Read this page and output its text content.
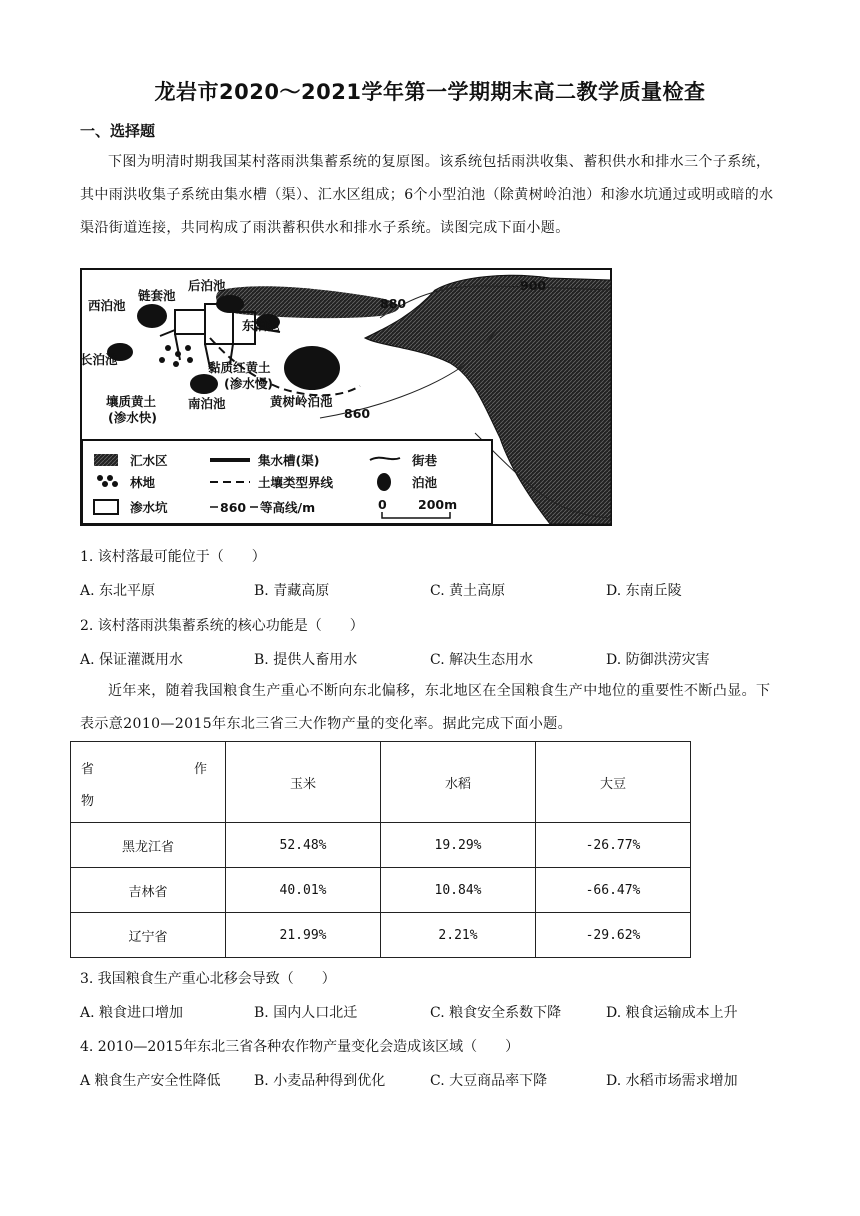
龙岩市2020～2021学年第一学期期末高二教学质量检查
一、选择题

下图为明清时期我国某村落雨洪集蓄系统的复原图。该系统包括雨洪收集、蓄积供水和排水三个子系统，其中雨洪收集子系统由集水槽（渠）、汇水区组成；6个小型泊池（除黄树岭泊池）和渗水坑通过或明或暗的水渠沿街道连接，共同构成了雨洪蓄积供水和排水子系统。读图完成下面小题。

西泊池
链套池
后泊池
东泊池
长泊池
黏质红黄土
(渗水慢)
壤质黄土
(渗水快)
南泊池	黄树岭泊池
880
900
860
汇水区
林地
渗水坑
集水槽(渠)
土壤类型界线
860 等高线/m
街巷
泊池
0	200m
1. 该村落最可能位于（　　）
A. 东北平原	B. 青藏高原	C. 黄土高原	D. 东南丘陵
2. 该村落雨洪集蓄系统的核心功能是（　　）
A. 保证灌溉用水	B. 提供人畜用水	C. 解决生态用水	D. 防御洪涝灾害

近年来，随着我国粮食生产重心不断向东北偏移，东北地区在全国粮食生产中地位的重要性不断凸显。下表示意2010—2015年东北三省三大作物产量的变化率。据此完成下面小题。

省 作
物	玉米	水稻	大豆
黑龙江省	52.48%	19.29%	-26.77%
吉林省	40.01%	10.84%	-66.47%
辽宁省	21.99%	2.21%	-29.62%
3. 我国粮食生产重心北移会导致（　　）
A. 粮食进口增加	B. 国内人口北迁	C. 粮食安全系数下降	D. 粮食运输成本上升
4. 2010—2015年东北三省各种农作物产量变化会造成该区域（　　）
A 粮食生产安全性降低 B. 小麦品种得到优化	C. 大豆商品率下降	D. 水稻市场需求增加
